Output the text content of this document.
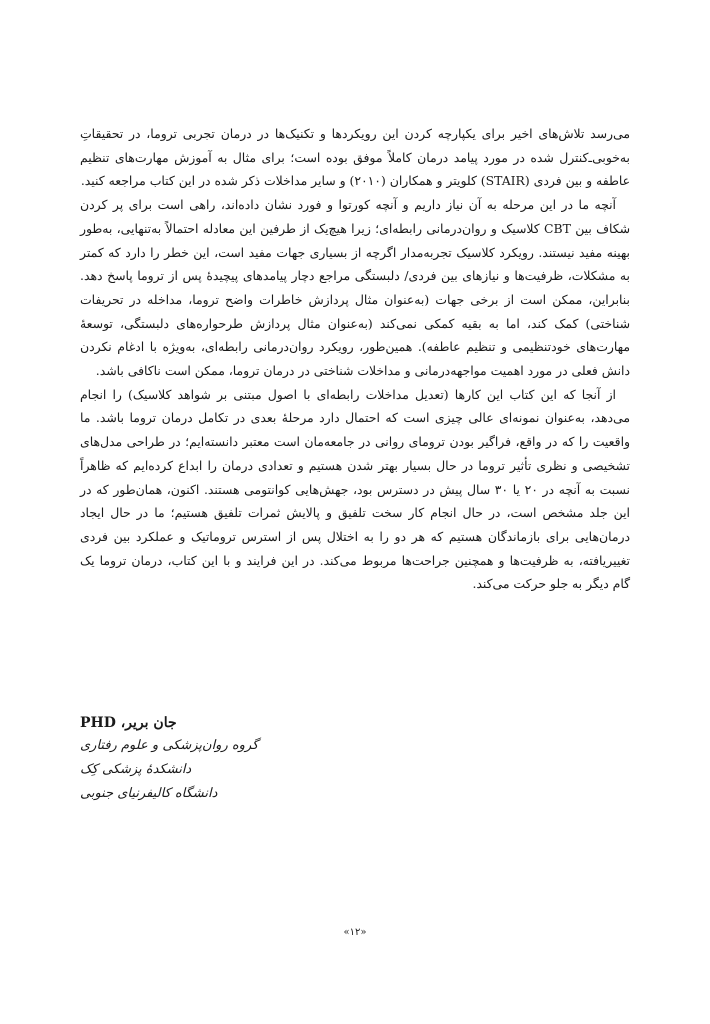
می‌رسد تلاش‌های اخیر برای یکپارچه کردن این رویکردها و تکنیک‌ها در درمان تجربی تروما، در تحقیقاتِ به‌خوبی‌ـ‌کنترل شده در مورد پیامد درمان کاملاً موفق بوده است؛ برای مثال به آموزش مهارت‌های تنظیم عاطفه و بین فردی (STAIR) کلویتر و همکاران (۲۰۱۰) و سایر مداخلات ذکر شده در این کتاب مراجعه کنید.

آنچه ما در این مرحله به آن نیاز داریم و آنچه کورتوا و فورد نشان داده‌اند، راهی است برای پر کردن شکاف بین CBT کلاسیک و روان‌درمانی رابطه‌ای؛ زیرا هیچ‌یک از طرفین این معادله احتمالاً به‌تنهایی، به‌طور بهینه مفید نیستند. رویکرد کلاسیک تجربه‌مدار اگرچه از بسیاری جهات مفید است، این خطر را دارد که کمتر به مشکلات، ظرفیت‌ها و نیازهای بین فردی/ دلبستگی مراجع دچار پیامدهای پیچیدهٔ پس از تروما پاسخ دهد. بنابراین، ممکن است از برخی جهات (به‌عنوان مثال پردازش خاطرات واضح تروما، مداخله در تحریفات شناختی) کمک کند، اما به بقیه کمکی نمی‌کند (به‌عنوان مثال پردازش طرحواره‌های دلبستگی، توسعهٔ مهارت‌های خودتنظیمی و تنظیم عاطفه). همین‌طور، رویکرد روان‌درمانی رابطه‌ای، به‌ویژه با ادغام نکردن دانش فعلی در مورد اهمیت مواجهه‌درمانی و مداخلات شناختی در درمان تروما، ممکن است ناکافی باشد.

از آنجا که این کتاب این کارها (تعدیل مداخلات رابطه‌ای با اصول مبتنی بر شواهد کلاسیک) را انجام می‌دهد، به‌عنوان نمونه‌ای عالی چیزی است که احتمال دارد مرحلهٔ بعدی در تکامل درمان تروما باشد. ما واقعیت را که در واقع، فراگیر بودن ترومای روانی در جامعه‌مان است معتبر دانسته‌ایم؛ در طراحی مدل‌های تشخیصی و نظری تأثیر تروما در حال بسیار بهتر شدن هستیم و تعدادی درمان را ابداع کرده‌ایم که ظاهراً نسبت به آنچه در ۲۰ یا ۳۰ سال پیش در دسترس بود، جهش‌هایی کوانتومی هستند. اکنون، همان‌طور که در این جلد مشخص است، در حال انجام کار سخت تلفیق و پالایش ثمرات تلفیق هستیم؛ ما در حال ایجاد درمان‌هایی برای بازماندگان هستیم که هر دو را به اختلال پس از استرس تروماتیک و عملکرد بین فردی تغییریافته، به ظرفیت‌ها و همچنین جراحت‌ها مربوط می‌کند. در این فرایند و با این کتاب، درمان تروما یک گام دیگر به جلو حرکت می‌کند.

جان بریر، PHD
گروه روان‌پزشکی و علوم رفتاری
دانشکدهٔ پزشکی کِک
دانشگاه کالیفرنیای جنوبی
«۱۲»
